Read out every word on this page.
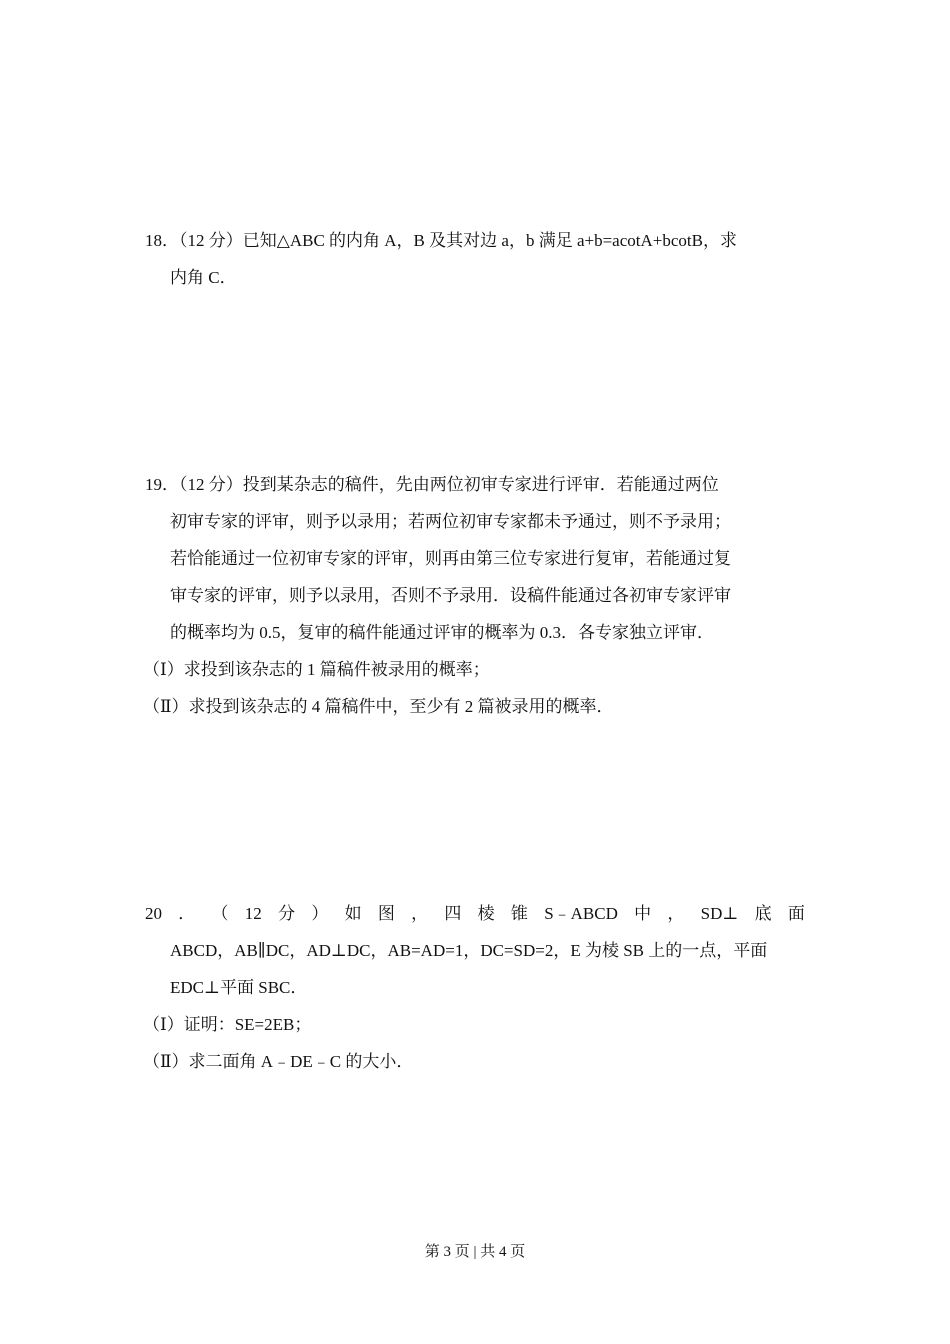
18．（12 分）已知△ABC 的内角 A，B 及其对边 a，b 满足 a+b=acotA+bcotB，求
内角 C．
19．（12 分）投到某杂志的稿件，先由两位初审专家进行评审．若能通过两位
初审专家的评审，则予以录用；若两位初审专家都未予通过，则不予录用；
若恰能通过一位初审专家的评审，则再由第三位专家进行复审，若能通过复
审专家的评审，则予以录用，否则不予录用．设稿件能通过各初审专家评审
的概率均为 0.5，复审的稿件能通过评审的概率为 0.3．各专家独立评审．
（Ⅰ）求投到该杂志的 1 篇稿件被录用的概率；
（Ⅱ）求投到该杂志的 4 篇稿件中，至少有 2 篇被录用的概率．
20 ． （ 12 分 ） 如 图 ， 四 棱 锥 S﹣ABCD 中 ， SD⊥ 底 面
ABCD，AB∥DC，AD⊥DC，AB=AD=1，DC=SD=2，E 为棱 SB 上的一点，平面
EDC⊥平面 SBC．
（Ⅰ）证明：SE=2EB；
（Ⅱ）求二面角 A﹣DE﹣C 的大小．
第 3 页 | 共 4 页
